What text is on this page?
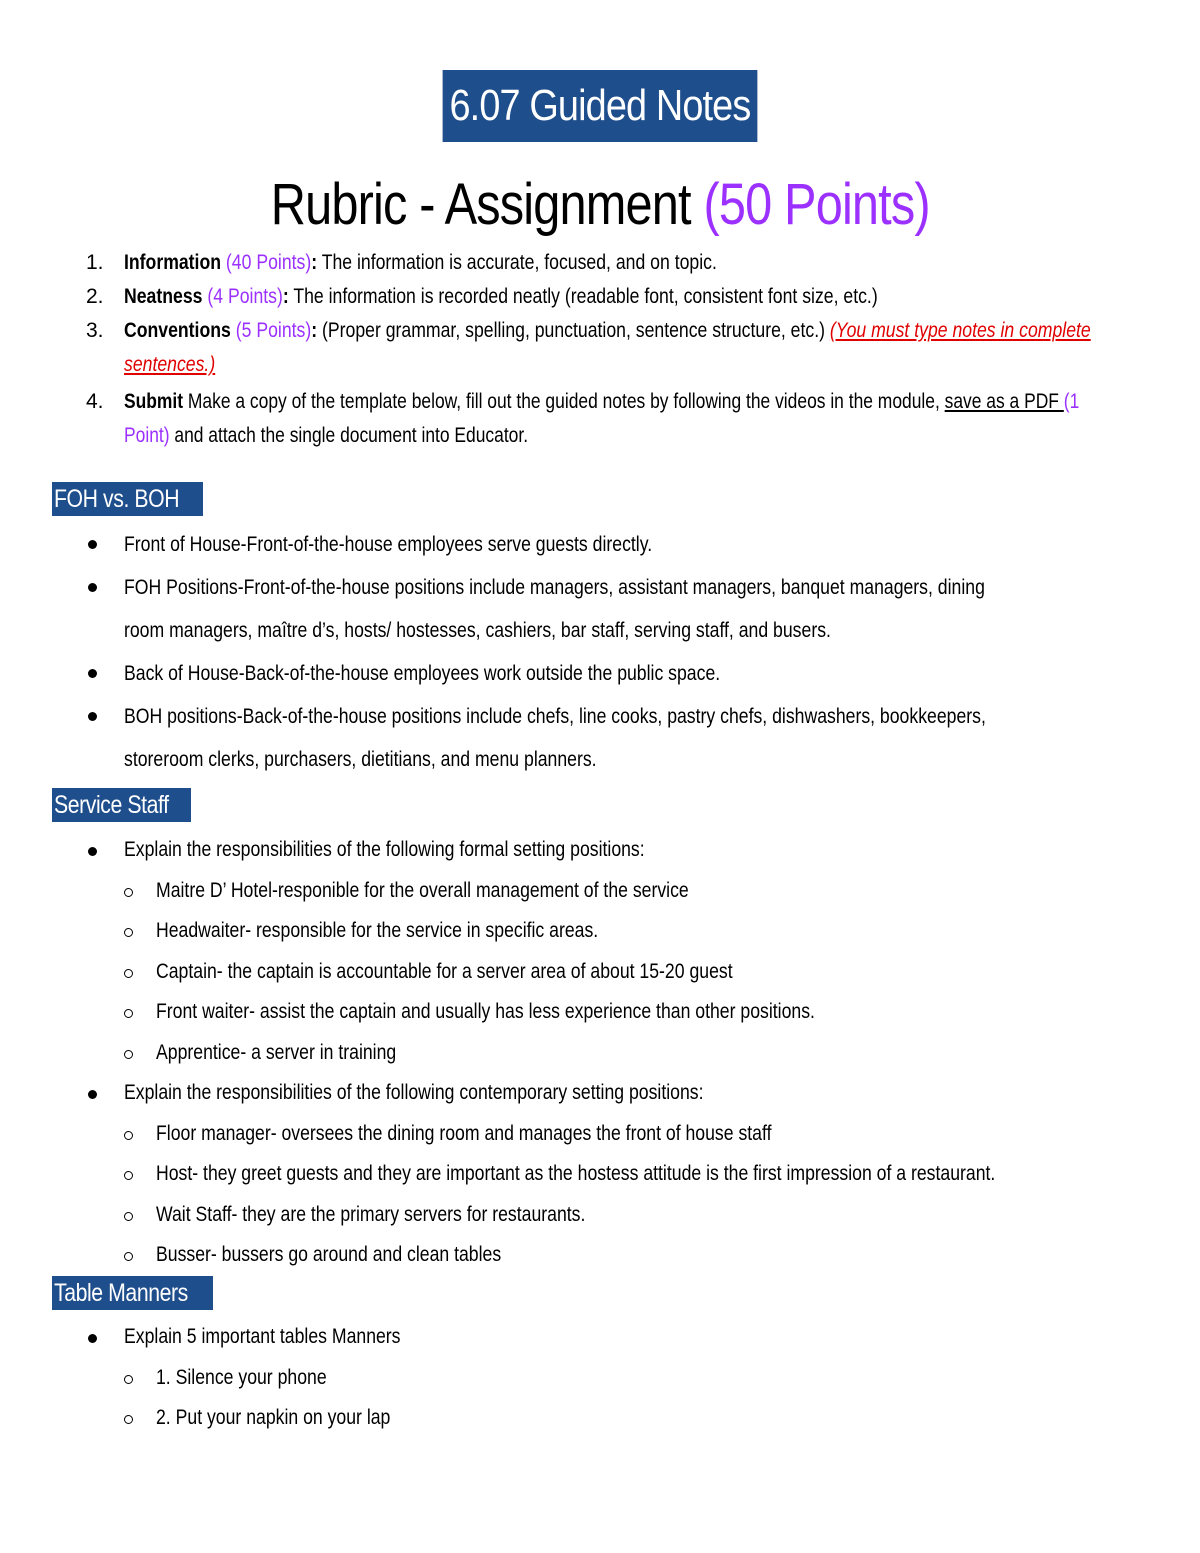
6.07 Guided Notes
Rubric - Assignment (50 Points)
1. Information (40 Points): The information is accurate, focused, and on topic.
2. Neatness (4 Points): The information is recorded neatly (readable font, consistent font size, etc.)
3. Conventions (5 Points): (Proper grammar, spelling, punctuation, sentence structure, etc.) (You must type notes in complete sentences.)
4. Submit Make a copy of the template below, fill out the guided notes by following the videos in the module, save as a PDF (1 Point) and attach the single document into Educator.
FOH vs. BOH
Front of House-Front-of-the-house employees serve guests directly.
FOH Positions-Front-of-the-house positions include managers, assistant managers, banquet managers, dining
room managers, maître d’s, hosts/ hostesses, cashiers, bar staff, serving staff, and busers.
Back of House-Back-of-the-house employees work outside the public space.
BOH positions-Back-of-the-house positions include chefs, line cooks, pastry chefs, dishwashers, bookkeepers,
storeroom clerks, purchasers, dietitians, and menu planners.
Service Staff
Explain the responsibilities of the following formal setting positions:
Maitre D’ Hotel-responible for the overall management of the service
Headwaiter- responsible for the service in specific areas.
Captain- the captain is accountable for a server area of about 15-20 guest
Front waiter- assist the captain and usually has less experience than other positions.
Apprentice- a server in training
Explain the responsibilities of the following contemporary setting positions:
Floor manager- oversees the dining room and manages the front of house staff
Host- they greet guests and they are important as the hostess attitude is the first impression of a restaurant.
Wait Staff- they are the primary servers for restaurants.
Busser- bussers go around and clean tables
Table Manners
Explain 5 important tables Manners
1. Silence your phone
2. Put your napkin on your lap
